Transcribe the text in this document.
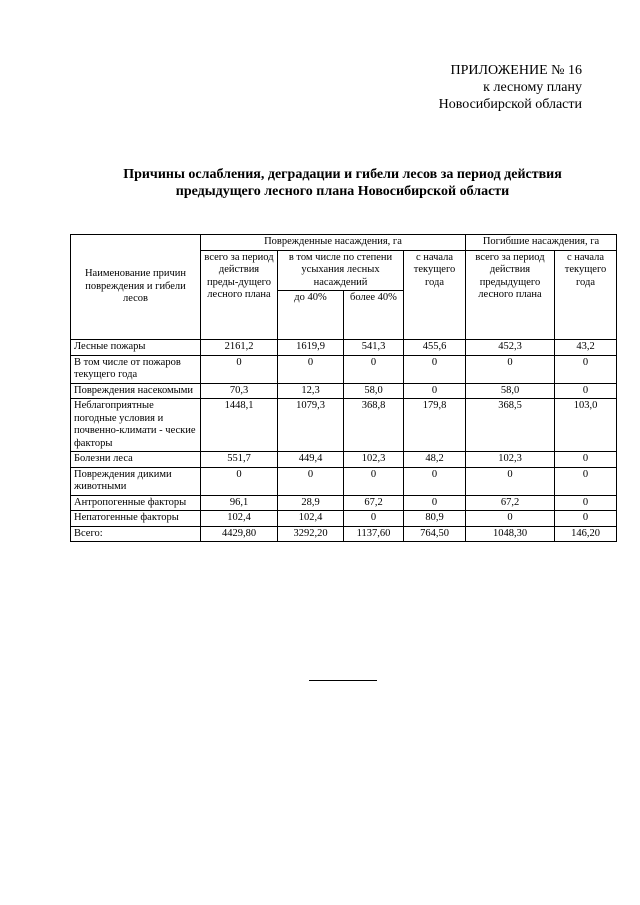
ПРИЛОЖЕНИЕ № 16
к лесному плану
Новосибирской области
Причины ослабления, деградации и гибели лесов за период действия
предыдущего лесного плана Новосибирской области
Наименование причин повреждения и гибели лесов	Поврежденные насаждения, га				Погибшие насаждения, га	
	всего за период действия преды-дущего лесного плана	в том числе по степени усыхания лесных насаждений		с начала текущего года	всего за период действия предыдущего лесного плана	с начала текущего года
		до 40%	более 40%			
Лесные пожары	2161,2	1619,9	541,3	455,6	452,3	43,2
В том числе от пожаров текущего года	0	0	0	0	0	0
Повреждения насекомыми	70,3	12,3	58,0	0	58,0	0
Неблагоприятные погодные условия и почвенно-климати - ческие факторы	1448,1	1079,3	368,8	179,8	368,5	103,0
Болезни леса	551,7	449,4	102,3	48,2	102,3	0
Повреждения дикими животными	0	0	0	0	0	0
Антропогенные факторы	96,1	28,9	67,2	0	67,2	0
Непатогенные факторы	102,4	102,4	0	80,9	0	0
Всего:	4429,80	3292,20	1137,60	764,50	1048,30	146,20
